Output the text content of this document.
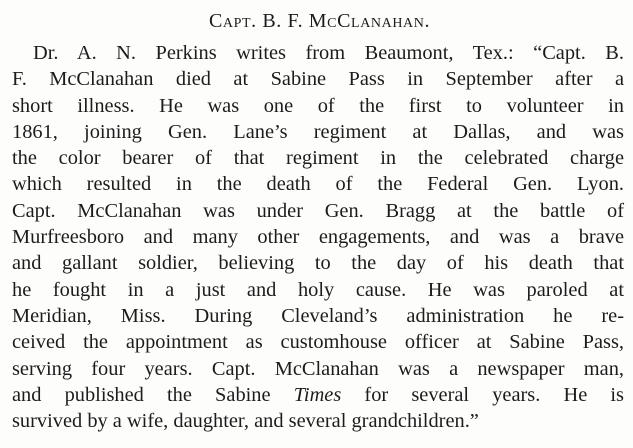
Capt. B. F. McClanahan.
Dr. A. N. Perkins writes from Beaumont, Tex.: “Capt. B.
F. McClanahan died at Sabine Pass in September after a
short illness. He was one of the first to volunteer in
1861, joining Gen. Lane’s regiment at Dallas, and was
the color bearer of that regiment in the celebrated charge
which resulted in the death of the Federal Gen. Lyon.
Capt. McClanahan was under Gen. Bragg at the battle of
Murfreesboro and many other engagements, and was a brave
and gallant soldier, believing to the day of his death that
he fought in a just and holy cause. He was paroled at
Meridian, Miss. During Cleveland’s administration he re-
ceived the appointment as customhouse officer at Sabine Pass,
serving four years. Capt. McClanahan was a newspaper man,
and published the Sabine Times for several years. He is
survived by a wife, daughter, and several grandchildren.”
